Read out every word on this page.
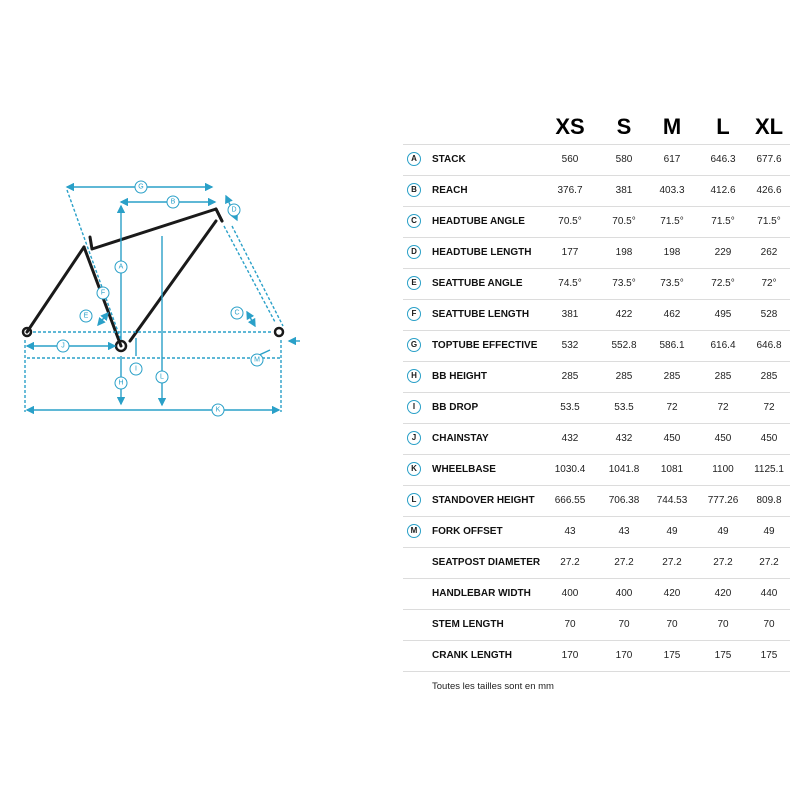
G
B
D
A
F
E	C
J
I
H
L
M
K
XS	S	M	L	XL
A	STACK	560	580	617	646.3	677.6
B	REACH	376.7	381	403.3	412.6	426.6
C	HEADTUBE ANGLE	70.5°	70.5°	71.5°	71.5°	71.5°
D	HEADTUBE LENGTH	177	198	198	229	262
E	SEATTUBE ANGLE	74.5°	73.5°	73.5°	72.5°	72°
F	SEATTUBE LENGTH	381	422	462	495	528
G	TOPTUBE EFFECTIVE	532	552.8	586.1	616.4	646.8
H	BB HEIGHT	285	285	285	285	285
I	BB DROP	53.5	53.5	72	72	72
J	CHAINSTAY	432	432	450	450	450
K	WHEELBASE	1030.4	1041.8	1081	1100	1125.1
L	STANDOVER HEIGHT	666.55	706.38	744.53	777.26	809.8
M	FORK OFFSET	43	43	49	49	49
SEATPOST DIAMETER	27.2	27.2	27.2	27.2	27.2
HANDLEBAR WIDTH	400	400	420	420	440
STEM LENGTH	70	70	70	70	70
CRANK LENGTH	170	170	175	175	175
Toutes les tailles sont en mm
